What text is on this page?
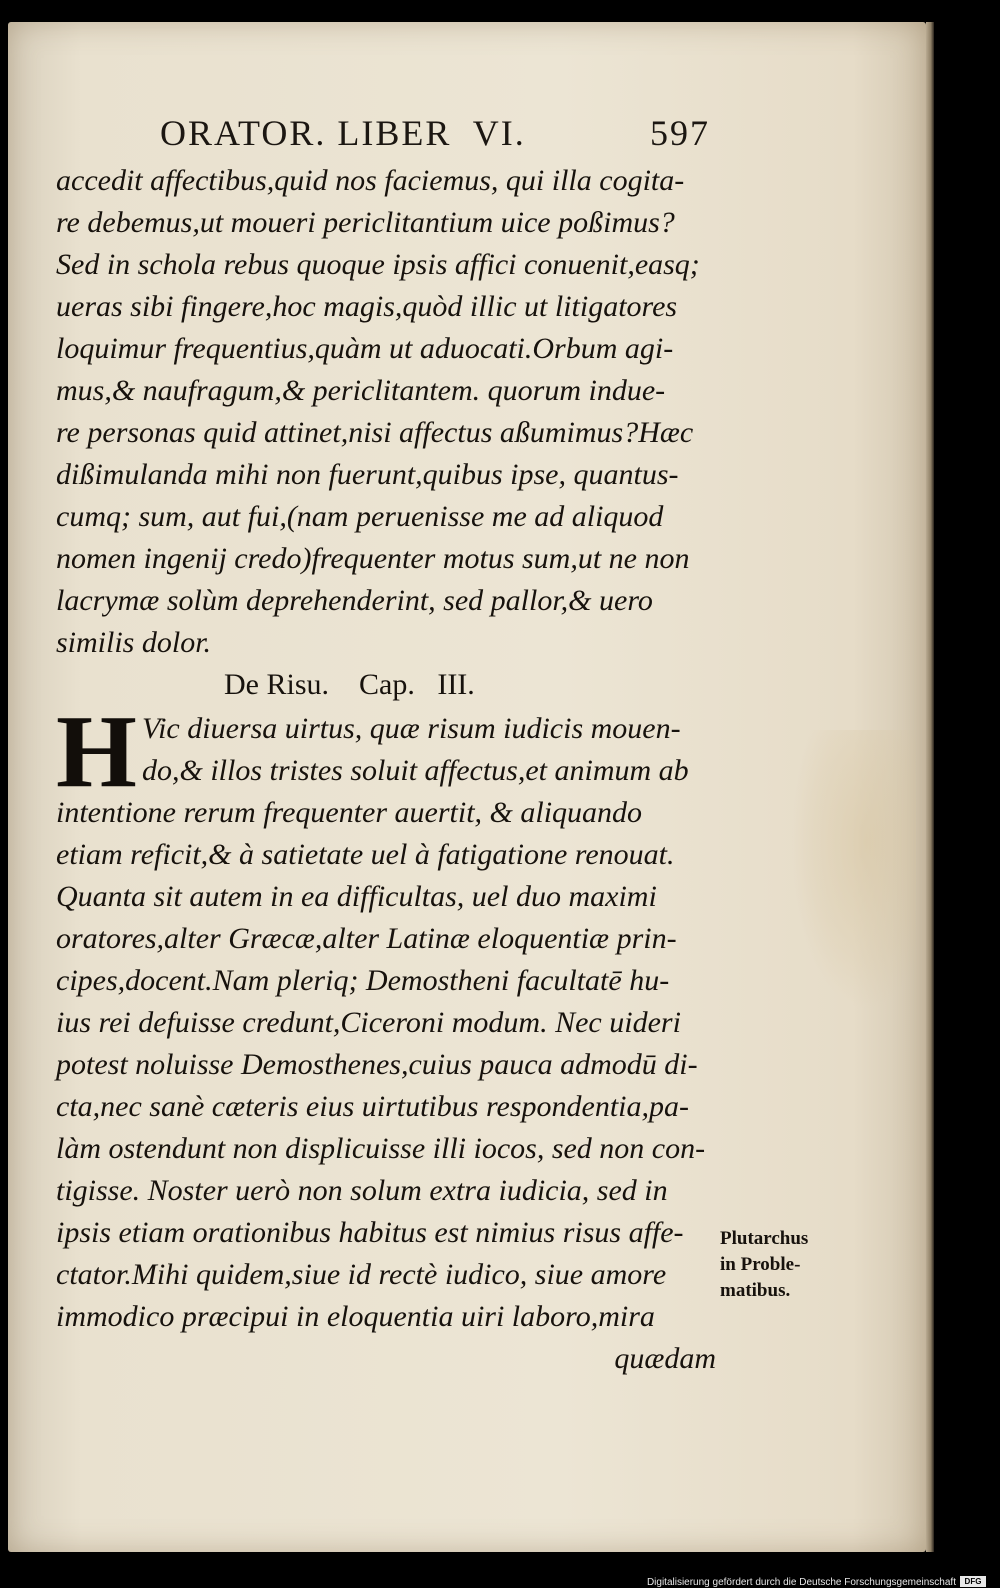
ORATOR. LIBER  VI.	597
accedit affectibus,quid nos faciemus, qui illa cogita-
re debemus,ut moueri periclitantium uice poßimus?
Sed in schola rebus quoque ipsis affici conuenit,easq;
ueras sibi fingere,hoc magis,quòd illic ut litigatores
loquimur frequentius,quàm ut aduocati.Orbum agi-
mus,& naufragum,& periclitantem. quorum indue-
re personas quid attinet,nisi affectus aßumimus?Hæc
dißimulanda mihi non fuerunt,quibus ipse, quantus-
cumq; sum, aut fui,(nam peruenisse me ad aliquod
nomen ingenij credo)frequenter motus sum,ut ne non
lacrymæ solùm deprehenderint, sed pallor,& uero
similis dolor.
De Risu.    Cap.   III.
H Vic diuersa uirtus, quæ risum iudicis mouen-
do,& illos tristes soluit affectus,et animum ab
intentione rerum frequenter auertit, & aliquando
etiam reficit,& à satietate uel à fatigatione renouat.
Quanta sit autem in ea difficultas, uel duo maximi
oratores,alter Græcæ,alter Latinæ eloquentiæ prin-
cipes,docent.Nam pleriq; Demostheni facultatē hu-
ius rei defuisse credunt,Ciceroni modum. Nec uideri
potest noluisse Demosthenes,cuius pauca admodū di-
cta,nec sanè cæteris eius uirtutibus respondentia,pa-
làm ostendunt non displicuisse illi iocos, sed non con-
tigisse. Noster uerò non solum extra iudicia, sed in
ipsis etiam orationibus habitus est nimius risus affe-
ctator.Mihi quidem,siue id rectè iudico, siue amore
immodico præcipui in eloquentia uiri laboro,mira
quædam
Plutarchus
in Proble-
matibus.
Digitalisierung gefördert durch die Deutsche Forschungsgemeinschaft	DFG
